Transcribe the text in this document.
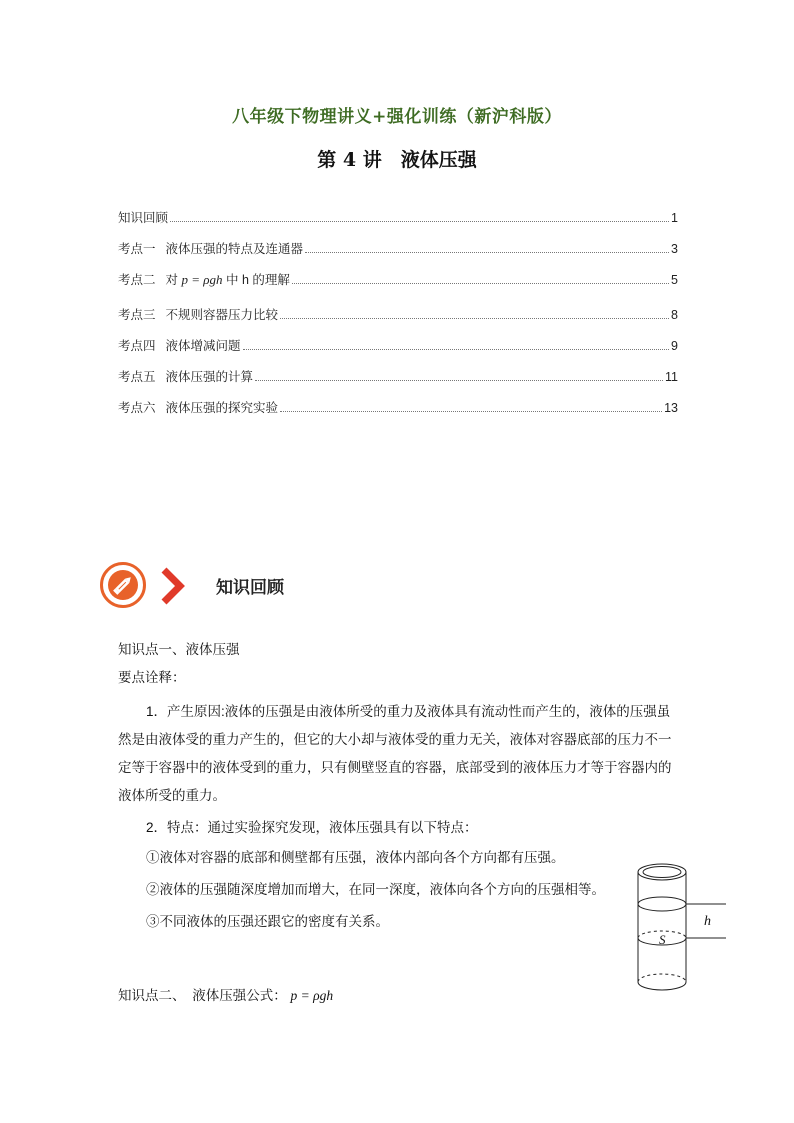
八年级下物理讲义+强化训练（新沪科版）
第 4 讲　液体压强
知识回顾	1
考点一 液体压强的特点及连通器	3
考点二 对 p = ρgh 中 h 的理解	5
考点三 不规则容器压力比较	8
考点四 液体增减问题	9
考点五 液体压强的计算	11
考点六 液体压强的探究实验	13
知识回顾
知识点一、液体压强
要点诠释：
1．产生原因:液体的压强是由液体所受的重力及液体具有流动性而产生的，液体的压强虽然是由液体受的重力产生的，但它的大小却与液体受的重力无关，液体对容器底部的压力不一定等于容器中的液体受到的重力，只有侧壁竖直的容器，底部受到的液体压力才等于容器内的液体所受的重力。
2．特点：通过实验探究发现，液体压强具有以下特点：
①液体对容器的底部和侧壁都有压强，液体内部向各个方向都有压强。
②液体的压强随深度增加而增大，在同一深度，液体向各个方向的压强相等。
③不同液体的压强还跟它的密度有关系。
知识点二、　液体压强公式： p = ρgh
h
S
